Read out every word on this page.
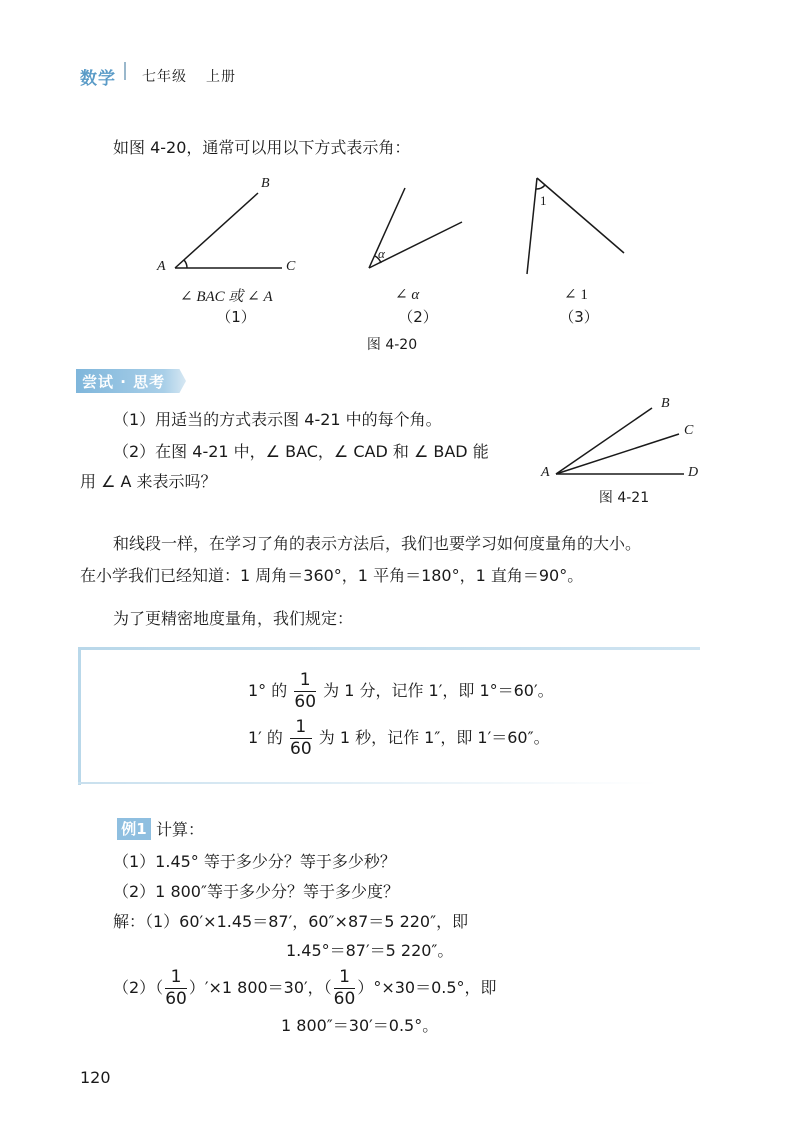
数学 七年级 上册
如图 4-20，通常可以用以下方式表示角：
B
A	C
α
1
∠ BAC 或 ∠ A	∠ α	∠ 1
（1）	（2）	（3）
图 4-20
尝试 · 思考
（1）用适当的方式表示图 4-21 中的每个角。
（2）在图 4-21 中，∠ BAC，∠ CAD 和 ∠ BAD 能
用 ∠ A 来表示吗？
B
C
A	D
图 4-21
和线段一样，在学习了角的表示方法后，我们也要学习如何度量角的大小。
在小学我们已经知道：1 周角＝360°，1 平角＝180°，1 直角＝90°。
为了更精密地度量角，我们规定：
1° 的 $\frac{1}{60}$ 为 1 分，记作 1′，即 1°＝60′。
1′ 的 $\frac{1}{60}$ 为 1 秒，记作 1″，即 1′＝60″。
例1 计算：
（1）1.45° 等于多少分？等于多少秒？
（2）1 800″等于多少分？等于多少度？
解：（1）60′×1.45＝87′，60″×87＝5 220″，即
1.45°＝87′＝5 220″。
$(2)( \frac{1}{60} )'\times 1$ 800＝30′，（ $\frac{1}{60} )^\circ\times 30=0.5^\circ$，即
1 800″＝30′＝0.5°。
120
